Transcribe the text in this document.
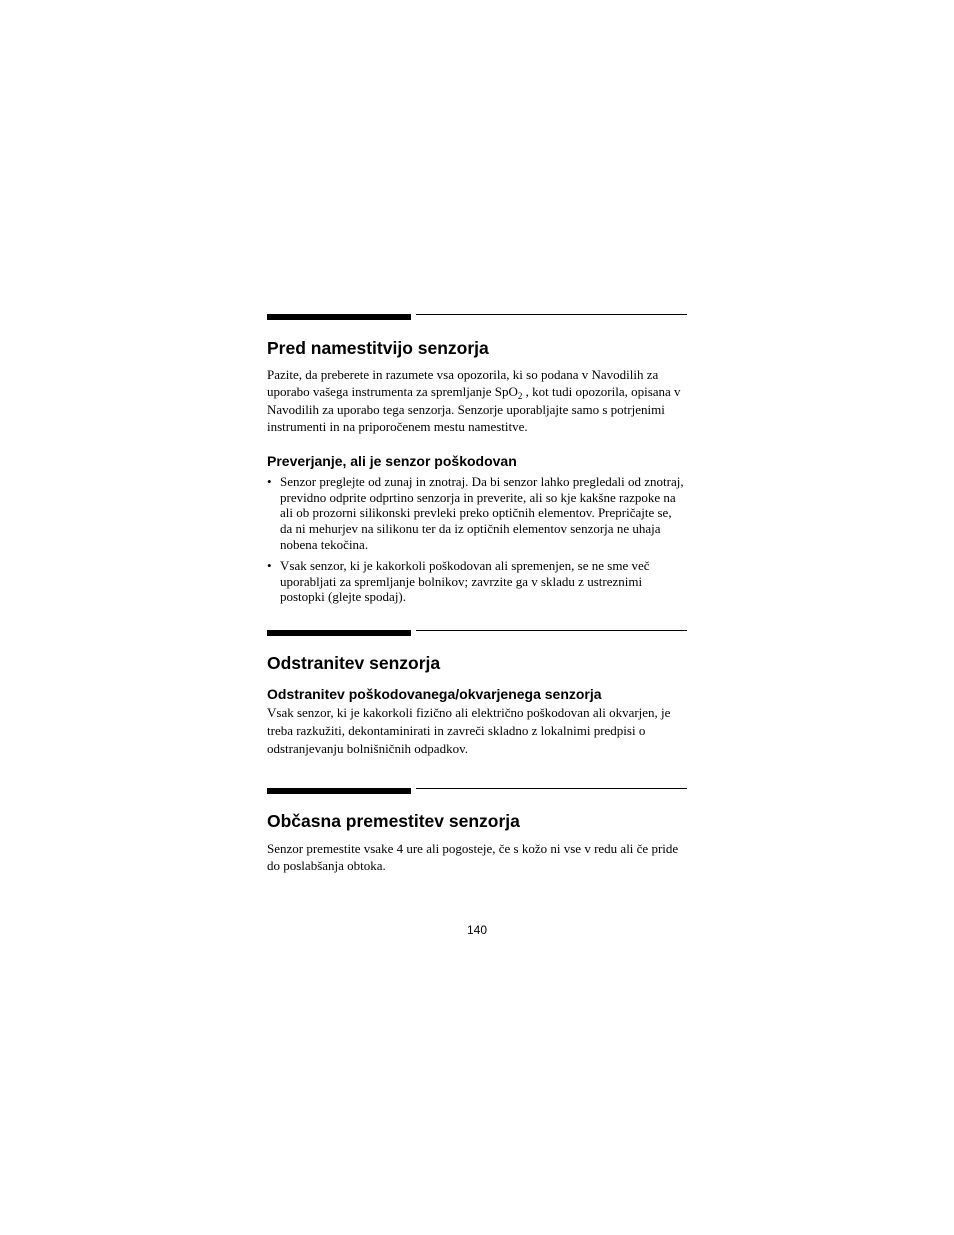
Pred namestitvijo senzorja

Pazite, da preberete in razumete vsa opozorila, ki so podana v Navodilih za uporabo vašega instrumenta za spremljanje SpO$_2$ , kot tudi opozorila, opisana v Navodilih za uporabo tega senzorja. Senzorje uporabljajte samo s potrjenimi instrumenti in na priporočenem mestu namestitve.

Preverjanje, ali je senzor poškodovan
• Senzor preglejte od zunaj in znotraj. Da bi senzor lahko pregledali od znotraj, previdno odprite odprtino senzorja in preverite, ali so kje kakšne razpoke na ali ob prozorni silikonski prevleki preko optičnih elementov. Prepričajte se, da ni mehurjev na silikonu ter da iz optičnih elementov senzorja ne uhaja nobena tekočina.
• Vsak senzor, ki je kakorkoli poškodovan ali spremenjen, se ne sme več uporabljati za spremljanje bolnikov; zavrzite ga v skladu z ustreznimi postopki (glejte spodaj).
Odstranitev senzorja
Odstranitev poškodovanega/okvarjenega senzorja

Vsak senzor, ki je kakorkoli fizično ali električno poškodovan ali okvarjen, je treba razkužiti, dekontaminirati in zavreči skladno z lokalnimi predpisi o odstranjevanju bolnišničnih odpadkov.

Občasna premestitev senzorja

Senzor premestite vsake 4 ure ali pogosteje, če s kožo ni vse v redu ali če pride do poslabšanja obtoka.

140
